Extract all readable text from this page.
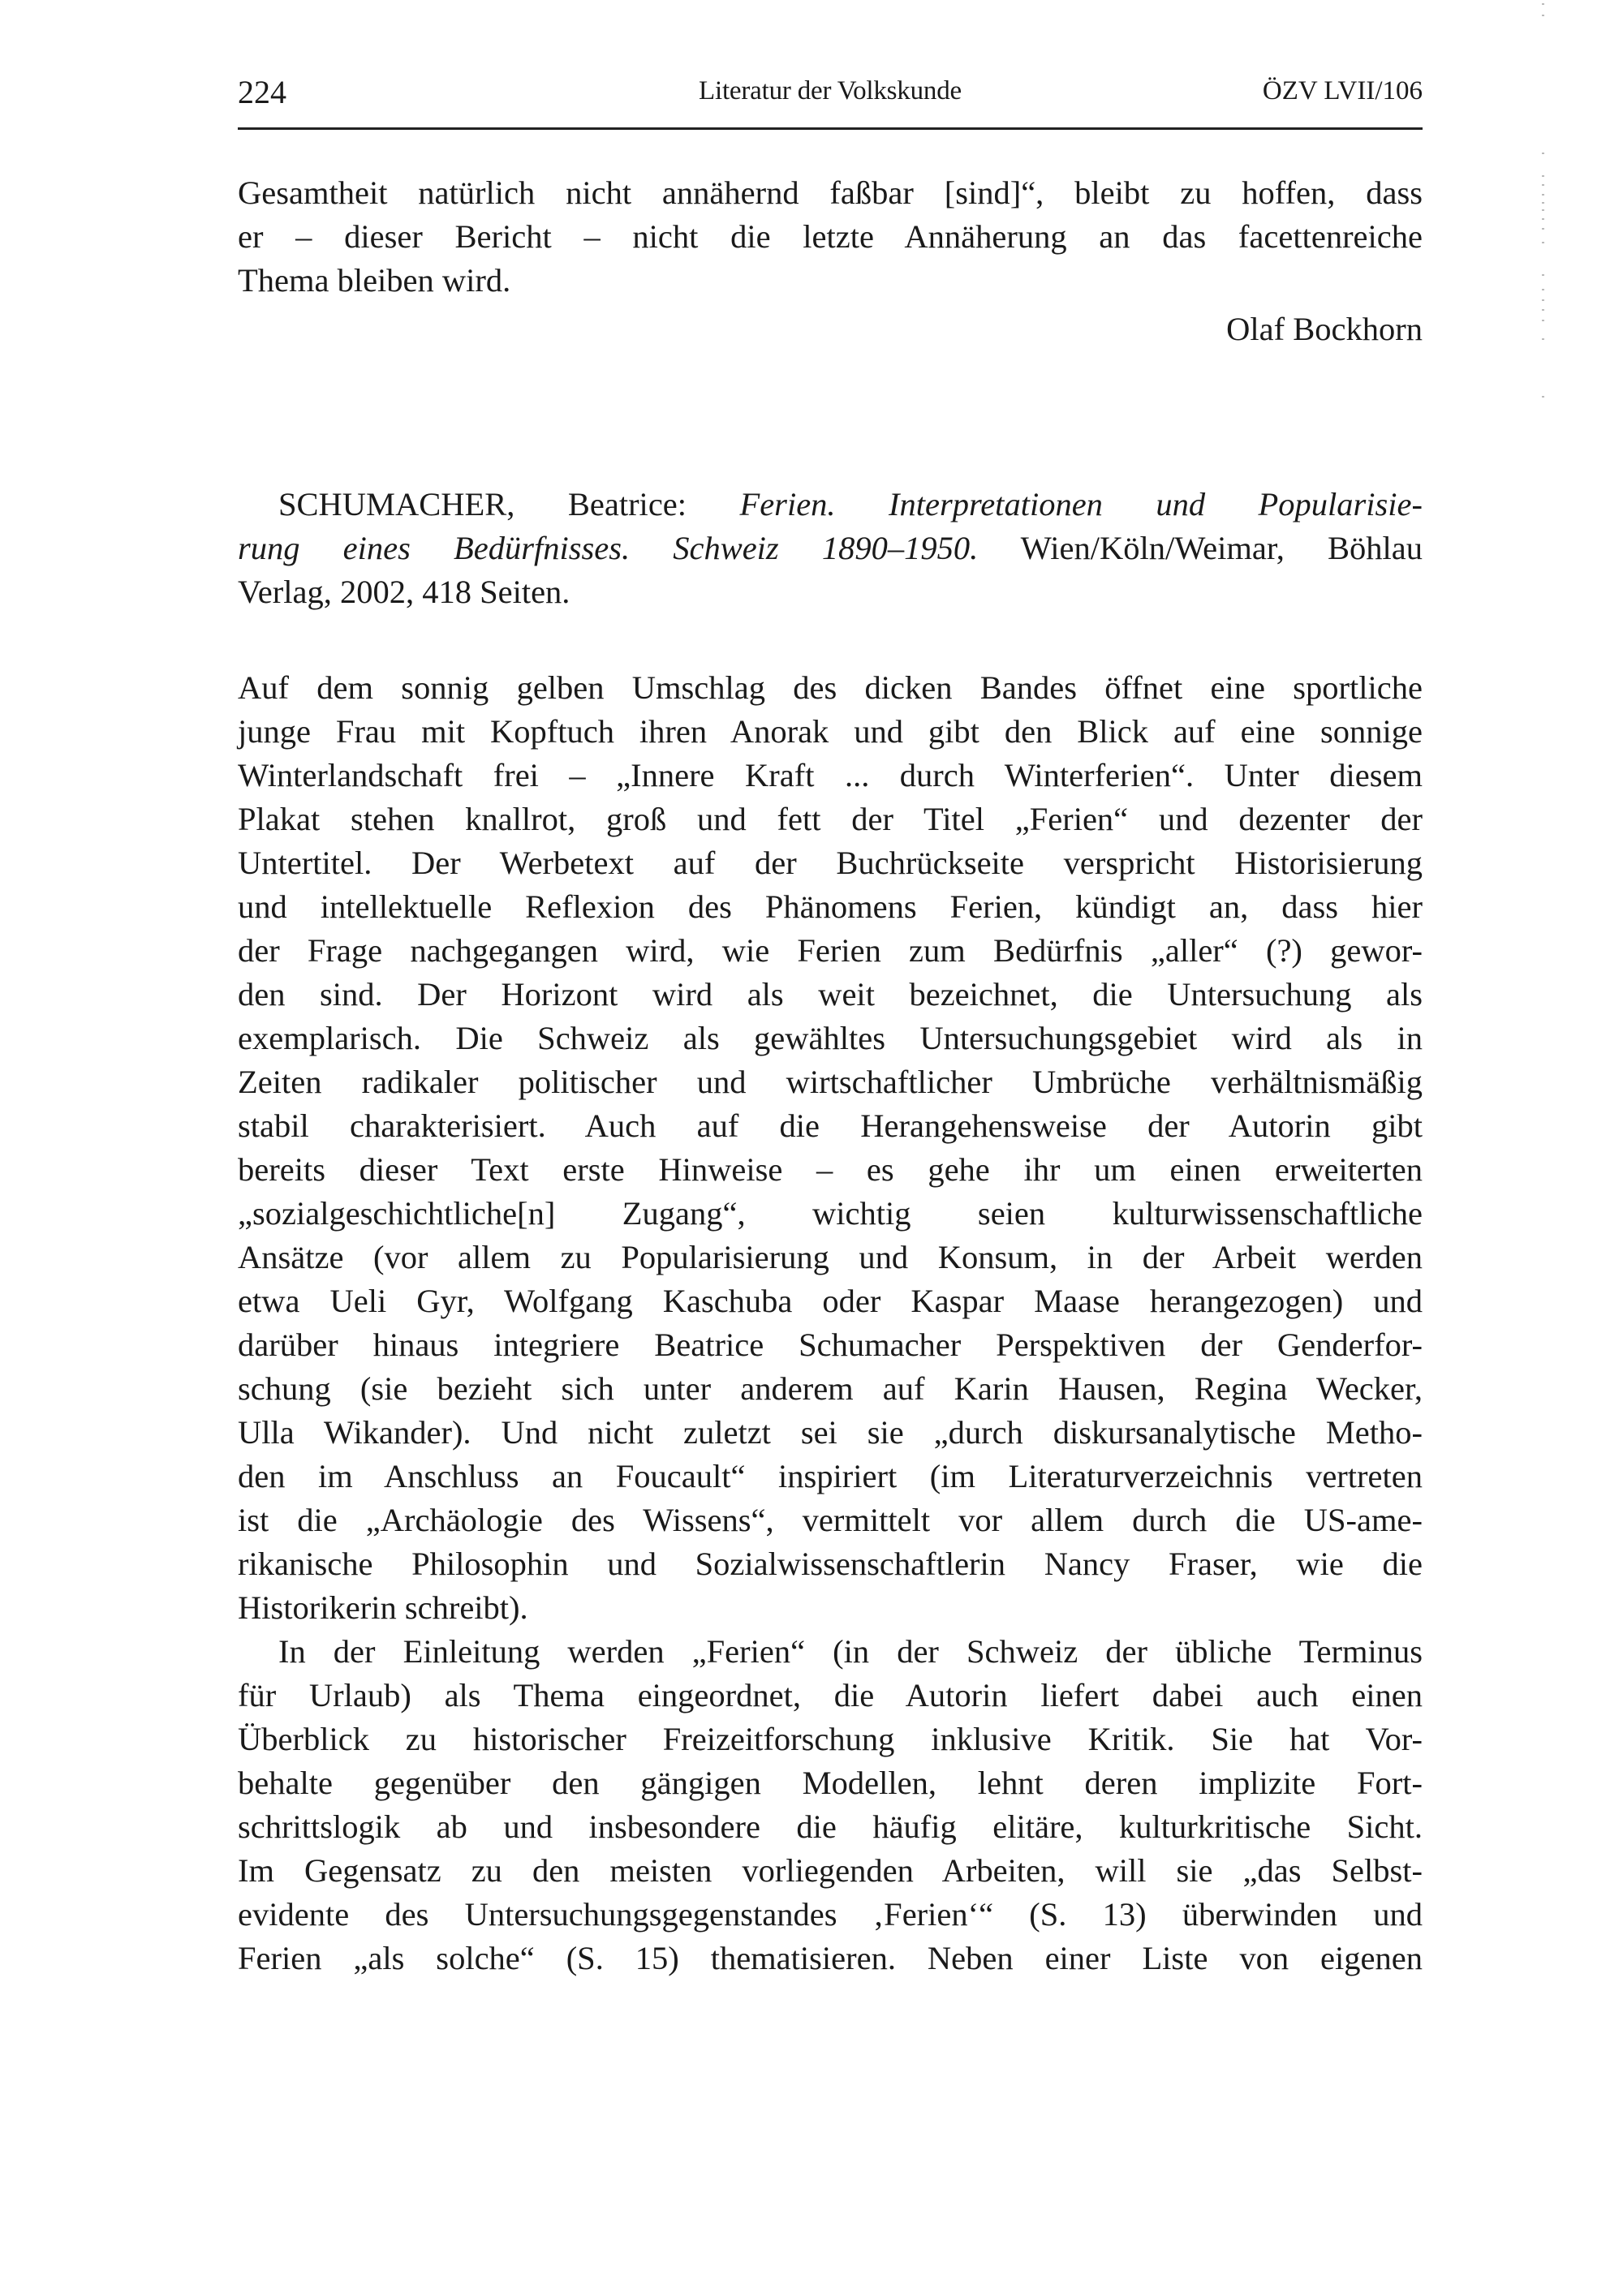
224	Literatur der Volkskunde	ÖZV LVII/106
Gesamtheit natürlich nicht annähernd faßbar [sind]“, bleibt zu hoffen, dass
er – dieser Bericht – nicht die letzte Annäherung an das facettenreiche
Thema bleiben wird.
Olaf Bockhorn
SCHUMACHER, Beatrice: Ferien. Interpretationen und Popularisie-
rung eines Bedürfnisses. Schweiz 1890–1950. Wien/Köln/Weimar, Böhlau
Verlag, 2002, 418 Seiten.
Auf dem sonnig gelben Umschlag des dicken Bandes öffnet eine sportliche
junge Frau mit Kopftuch ihren Anorak und gibt den Blick auf eine sonnige
Winterlandschaft frei – „Innere Kraft ... durch Winterferien“. Unter diesem
Plakat stehen knallrot, groß und fett der Titel „Ferien“ und dezenter der
Untertitel. Der Werbetext auf der Buchrückseite verspricht Historisierung
und intellektuelle Reflexion des Phänomens Ferien, kündigt an, dass hier
der Frage nachgegangen wird, wie Ferien zum Bedürfnis „aller“ (?) gewor-
den sind. Der Horizont wird als weit bezeichnet, die Untersuchung als
exemplarisch. Die Schweiz als gewähltes Untersuchungsgebiet wird als in
Zeiten radikaler politischer und wirtschaftlicher Umbrüche verhältnismäßig
stabil charakterisiert. Auch auf die Herangehensweise der Autorin gibt
bereits dieser Text erste Hinweise – es gehe ihr um einen erweiterten
„sozialgeschichtliche[n] Zugang“, wichtig seien kulturwissenschaftliche
Ansätze (vor allem zu Popularisierung und Konsum, in der Arbeit werden
etwa Ueli Gyr, Wolfgang Kaschuba oder Kaspar Maase herangezogen) und
darüber hinaus integriere Beatrice Schumacher Perspektiven der Genderfor-
schung (sie bezieht sich unter anderem auf Karin Hausen, Regina Wecker,
Ulla Wikander). Und nicht zuletzt sei sie „durch diskursanalytische Metho-
den im Anschluss an Foucault“ inspiriert (im Literaturverzeichnis vertreten
ist die „Archäologie des Wissens“, vermittelt vor allem durch die US-ame-
rikanische Philosophin und Sozialwissenschaftlerin Nancy Fraser, wie die
Historikerin schreibt).
In der Einleitung werden „Ferien“ (in der Schweiz der übliche Terminus
für Urlaub) als Thema eingeordnet, die Autorin liefert dabei auch einen
Überblick zu historischer Freizeitforschung inklusive Kritik. Sie hat Vor-
behalte gegenüber den gängigen Modellen, lehnt deren implizite Fort-
schrittslogik ab und insbesondere die häufig elitäre, kulturkritische Sicht.
Im Gegensatz zu den meisten vorliegenden Arbeiten, will sie „das Selbst-
evidente des Untersuchungsgegenstandes ‚Ferien‘“ (S. 13) überwinden und
Ferien „als solche“ (S. 15) thematisieren. Neben einer Liste von eigenen
